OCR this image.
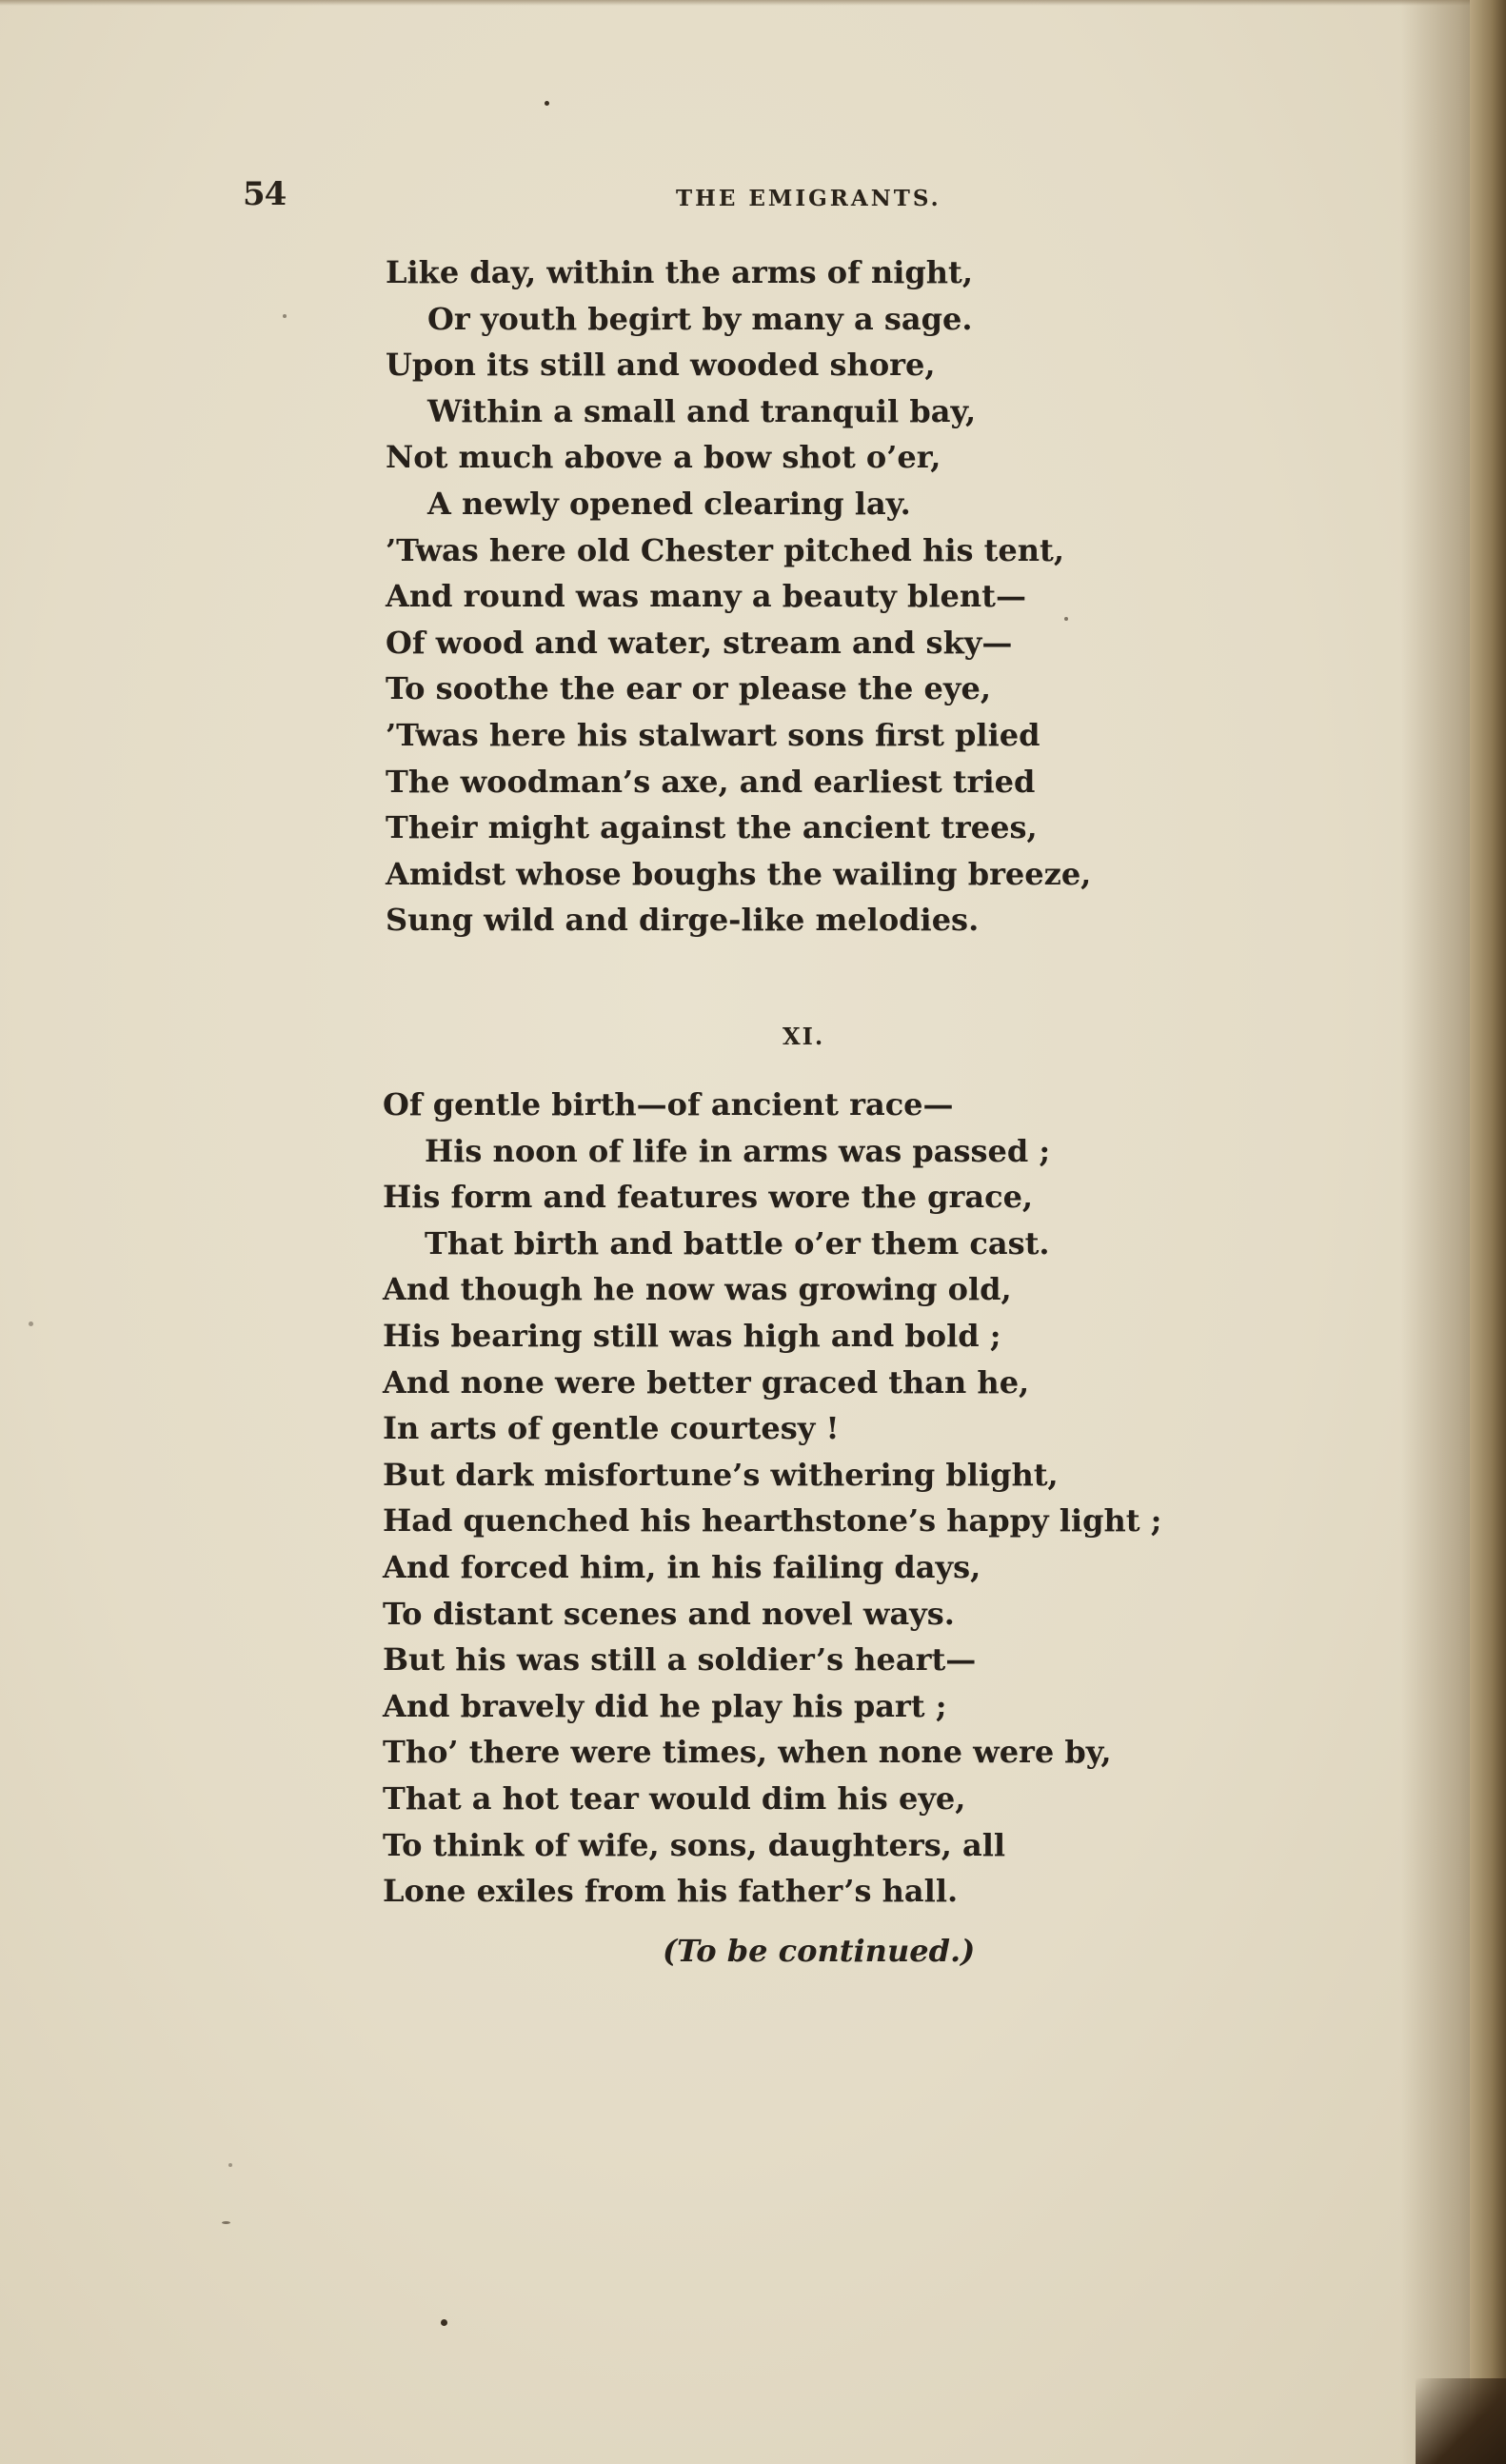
54	THE EMIGRANTS.
Like day, within the arms of night,
Or youth begirt by many a sage.
Upon its still and wooded shore,
Within a small and tranquil bay,
Not much above a bow shot o’er,
A newly opened clearing lay.
’Twas here old Chester pitched his tent,
And round was many a beauty blent—
Of wood and water, stream and sky—
To soothe the ear or please the eye,
’Twas here his stalwart sons first plied
The woodman’s axe, and earliest tried
Their might against the ancient trees,
Amidst whose boughs the wailing breeze,
Sung wild and dirge-like melodies.
XI.
Of gentle birth—of ancient race—
His noon of life in arms was passed ;
His form and features wore the grace,
That birth and battle o’er them cast.
And though he now was growing old,
His bearing still was high and bold ;
And none were better graced than he,
In arts of gentle courtesy !
But dark misfortune’s withering blight,
Had quenched his hearthstone’s happy light ;
And forced him, in his failing days,
To distant scenes and novel ways.
But his was still a soldier’s heart—
And bravely did he play his part ;
Tho’ there were times, when none were by,
That a hot tear would dim his eye,
To think of wife, sons, daughters, all
Lone exiles from his father’s hall.
(To be continued.)
